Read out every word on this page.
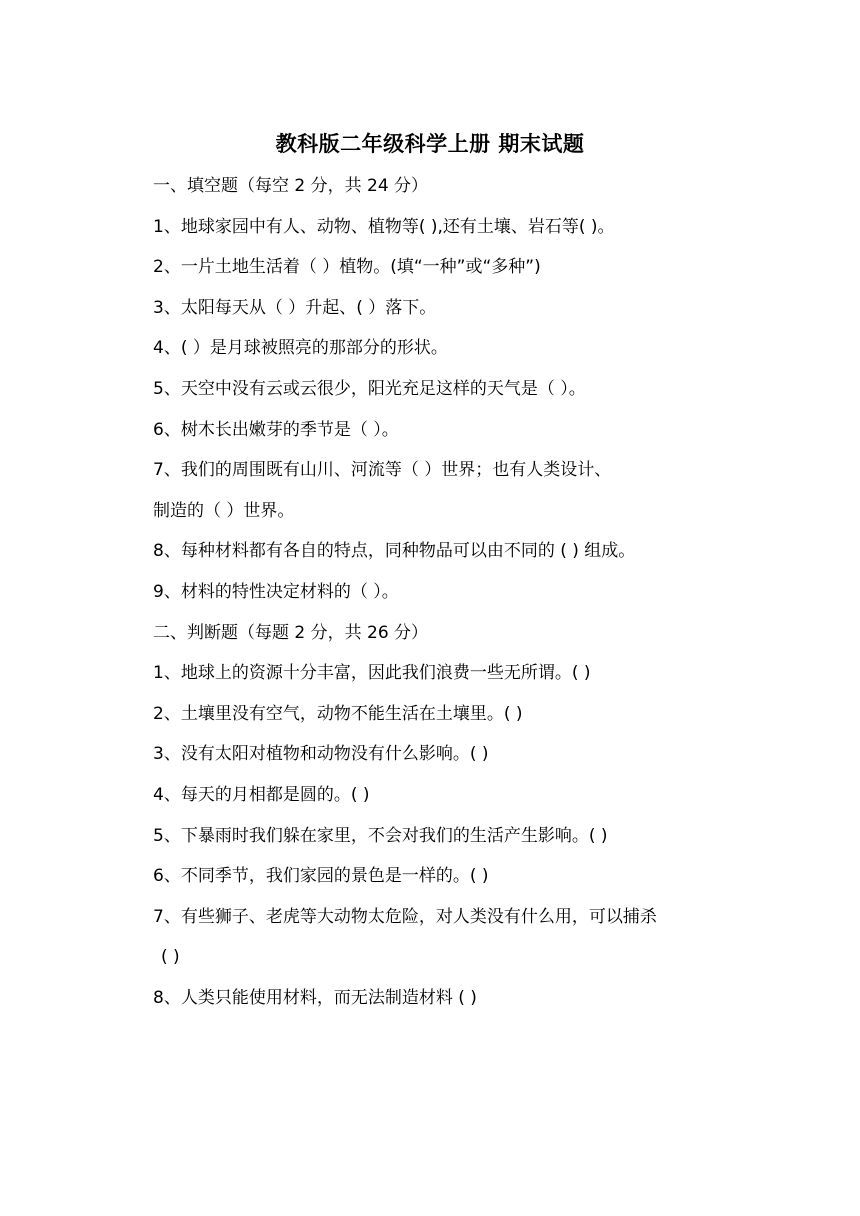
教科版二年级科学上册 期末试题

一、填空题（每空 2 分，共 24 分）

1、地球家园中有人、动物、植物等( ),还有土壤、岩石等( )。

2、一片土地生活着（ ）植物。(填“一种”或“多种”)

3、太阳每天从（ ）升起、( ）落下。

4、( ）是月球被照亮的那部分的形状。

5、天空中没有云或云很少，阳光充足这样的天气是（ ）。

6、树木长出嫩芽的季节是（ ）。

7、我们的周围既有山川、河流等（ ）世界；也有人类设计、

制造的（ ）世界。

8、每种材料都有各自的特点，同种物品可以由不同的 ( ) 组成。

9、材料的特性决定材料的（ ）。

二、判断题（每题 2 分，共 26 分）

1、地球上的资源十分丰富，因此我们浪费一些无所谓。( )

2、土壤里没有空气，动物不能生活在土壤里。( )

3、没有太阳对植物和动物没有什么影响。( )

4、每天的月相都是圆的。( )

5、下暴雨时我们躲在家里，不会对我们的生活产生影响。( )

6、不同季节，我们家园的景色是一样的。( )

7、有些狮子、老虎等大动物太危险，对人类没有什么用，可以捕杀

( )

8、人类只能使用材料，而无法制造材料 ( )
